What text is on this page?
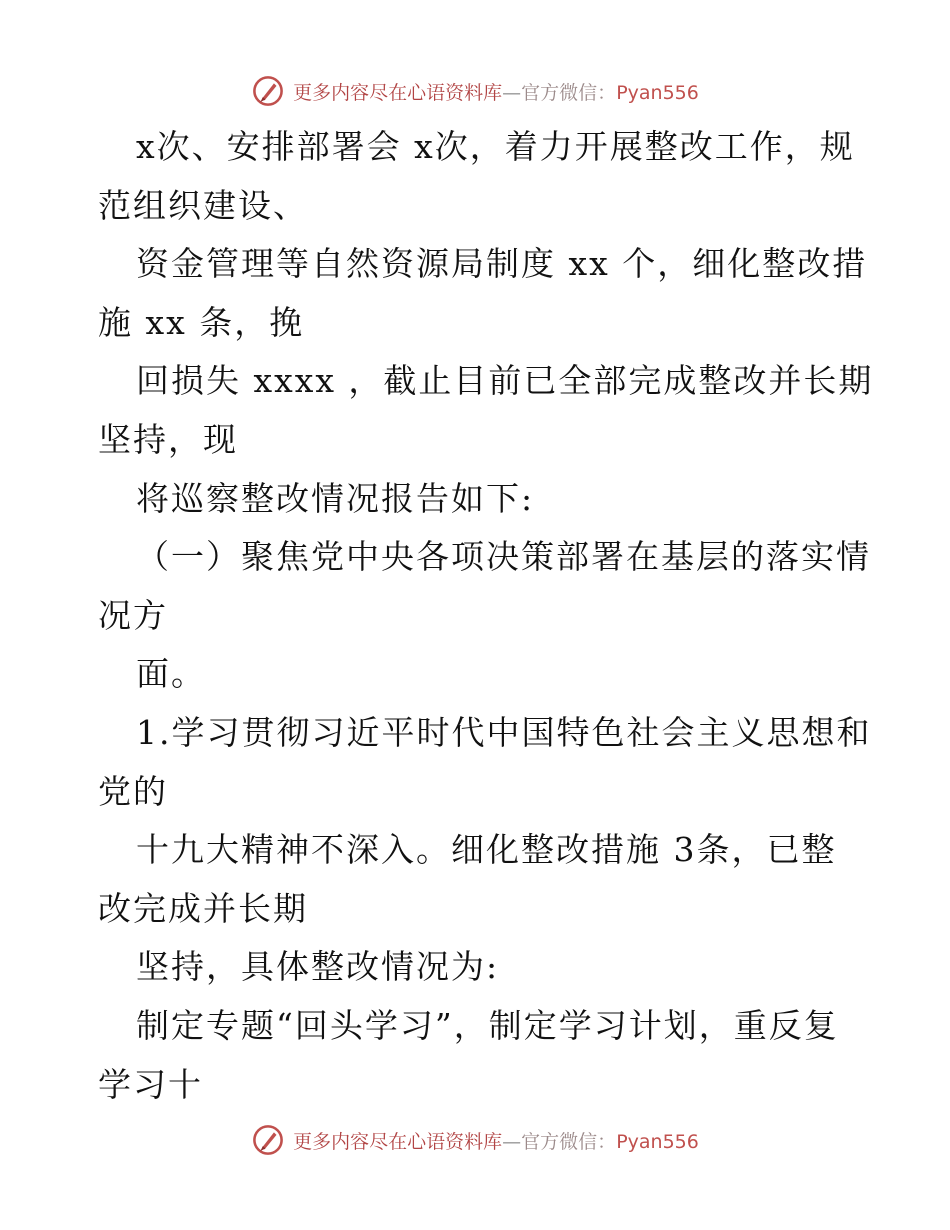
更多内容尽在心语资料库—官方微信：Pyan556
x次、安排部署会 x次，着力开展整改工作，规
范组织建设、
资金管理等自然资源局制度 xx 个，细化整改措
施 xx 条，挽
回损失 xxxx ，截止目前已全部完成整改并长期
坚持，现
将巡察整改情况报告如下:
（一）聚焦党中央各项决策部署在基层的落实情
况方
面。
1.学习贯彻习近平时代中国特色社会主义思想和
党的
十九大精神不深入。细化整改措施 3条，已整
改完成并长期
坚持，具体整改情况为:
制定专题“回头学习”，制定学习计划，重反复
学习十
更多内容尽在心语资料库—官方微信：Pyan556
